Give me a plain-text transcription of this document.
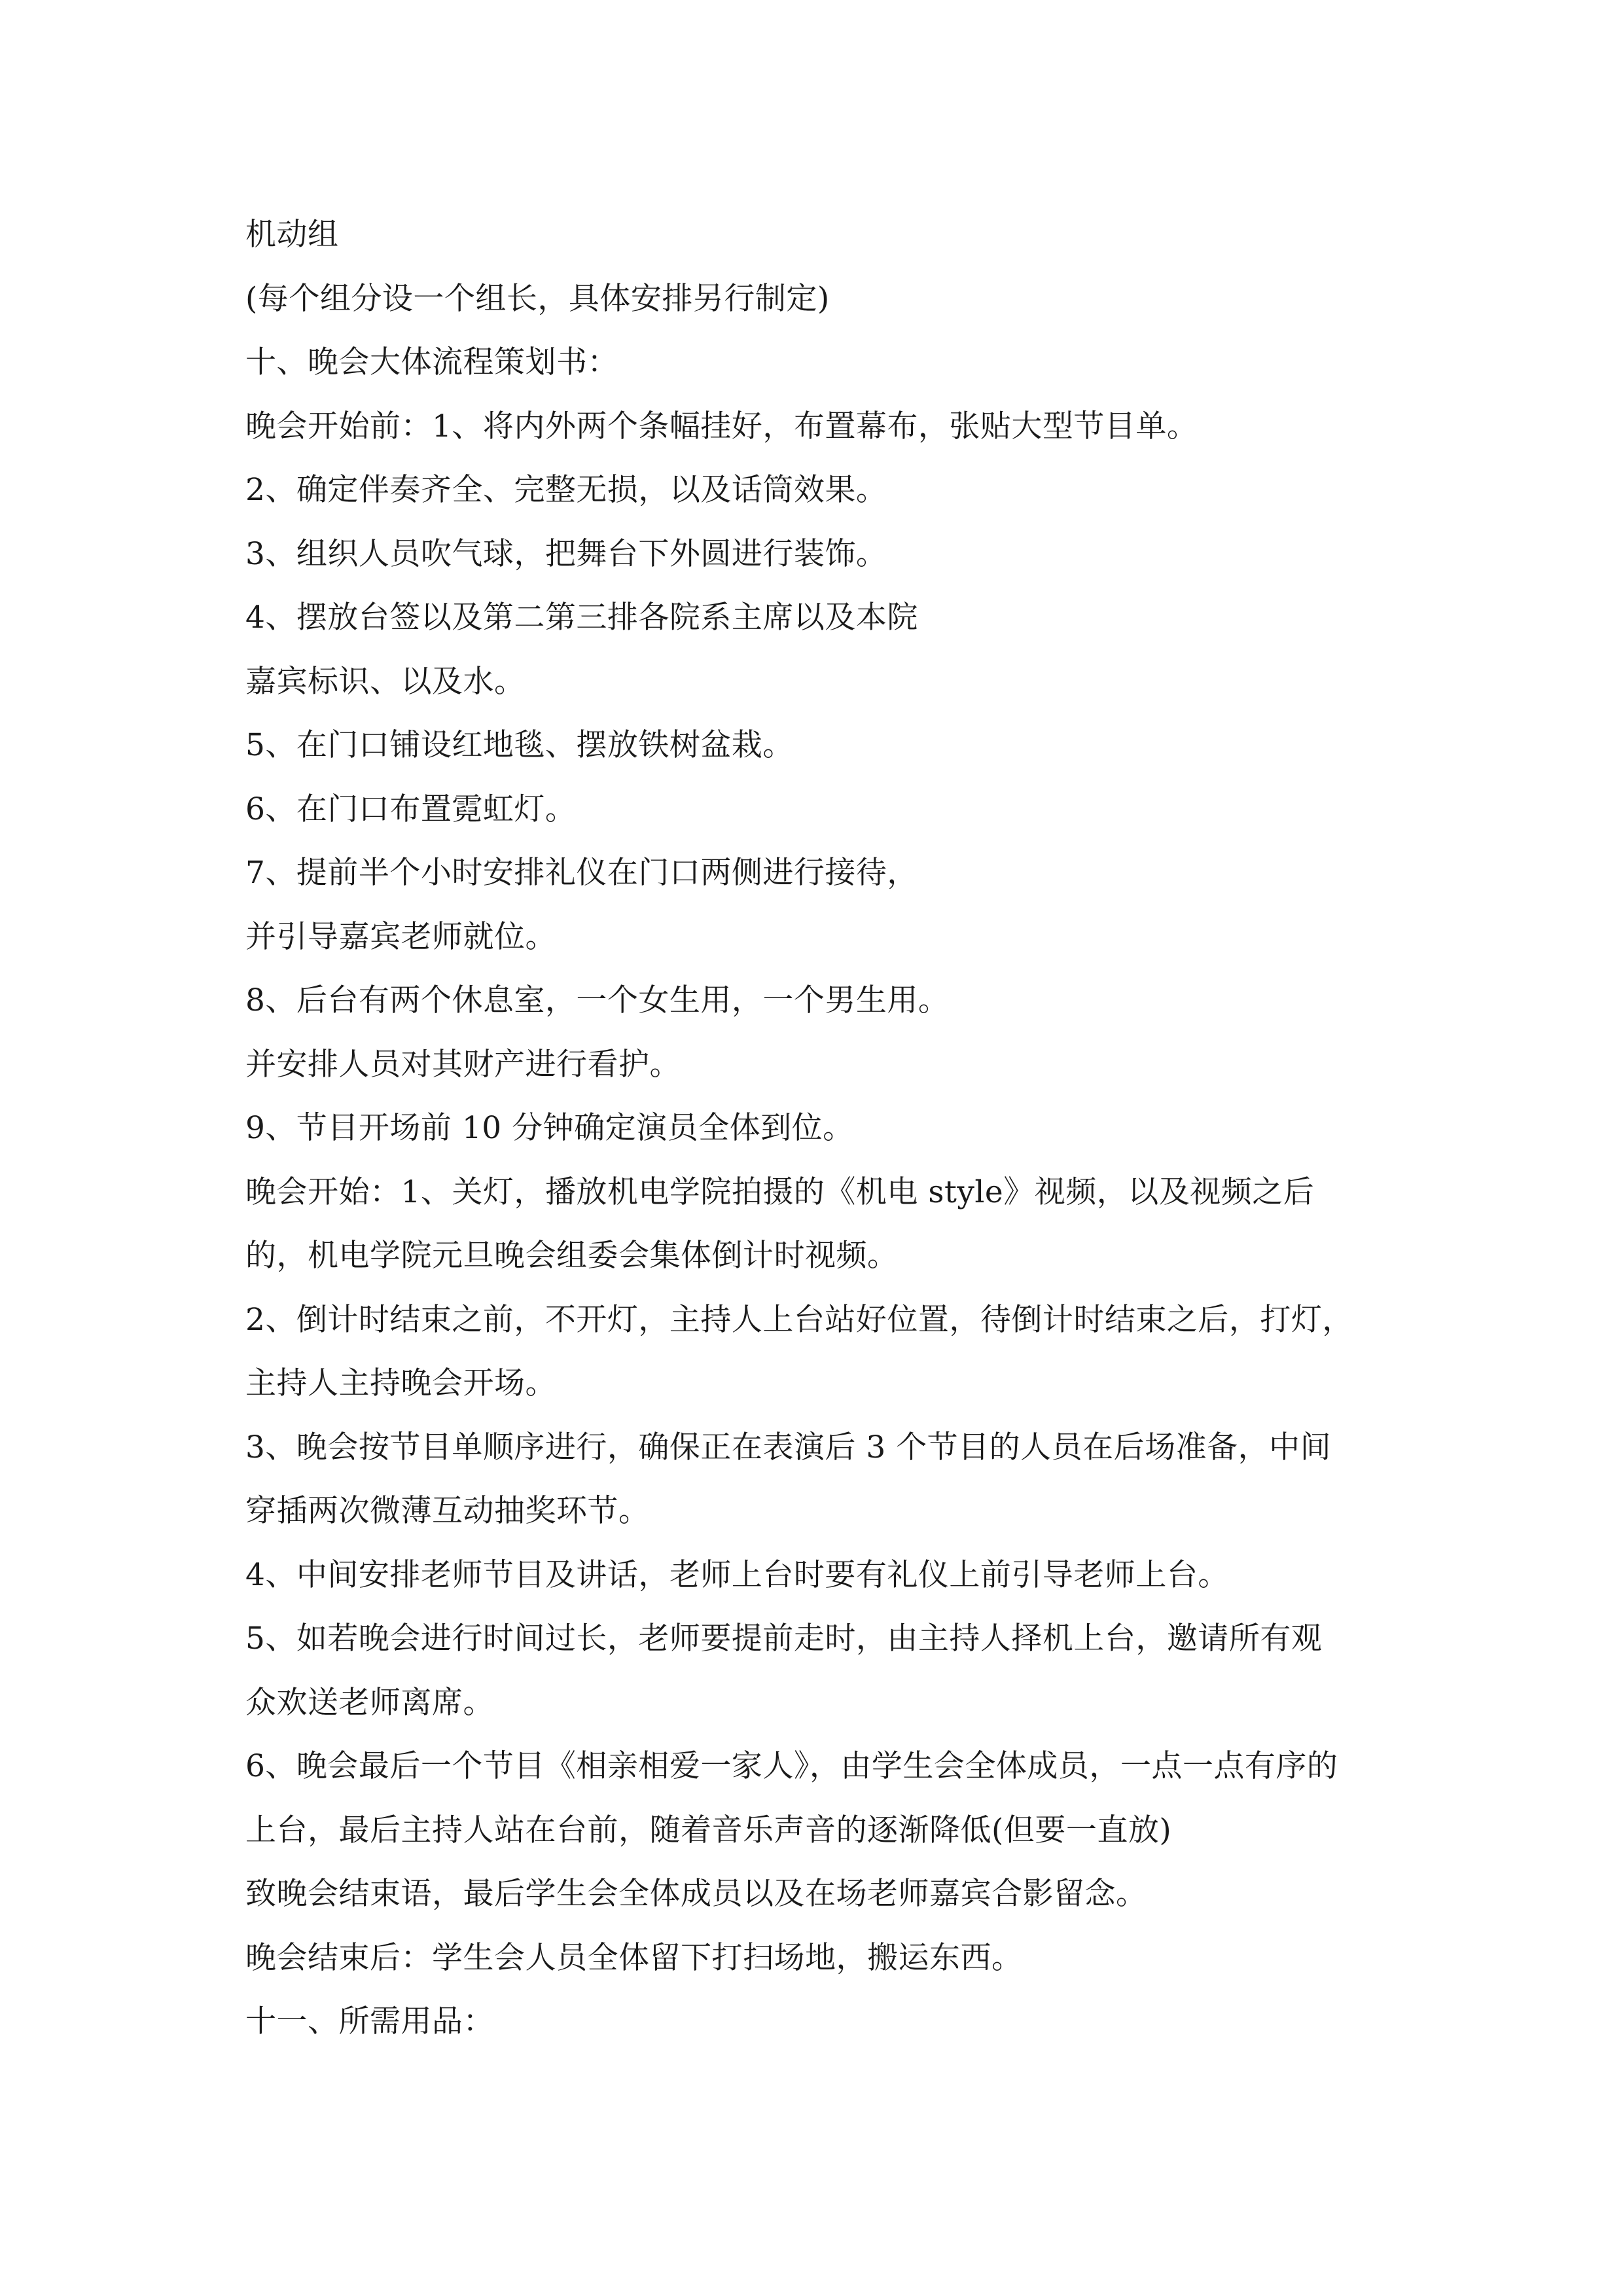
机动组
(每个组分设一个组长，具体安排另行制定)
十、晚会大体流程策划书：
晚会开始前：1、将内外两个条幅挂好，布置幕布，张贴大型节目单。
2、确定伴奏齐全、完整无损，以及话筒效果。
3、组织人员吹气球，把舞台下外圆进行装饰。
4、摆放台签以及第二第三排各院系主席以及本院
嘉宾标识、以及水。
5、在门口铺设红地毯、摆放铁树盆栽。
6、在门口布置霓虹灯。
7、提前半个小时安排礼仪在门口两侧进行接待，
并引导嘉宾老师就位。
8、后台有两个休息室，一个女生用，一个男生用。
并安排人员对其财产进行看护。
9、节目开场前 10 分钟确定演员全体到位。
晚会开始：1、关灯，播放机电学院拍摄的《机电 style》视频，以及视频之后
的，机电学院元旦晚会组委会集体倒计时视频。
2、倒计时结束之前，不开灯，主持人上台站好位置，待倒计时结束之后，打灯，
主持人主持晚会开场。
3、晚会按节目单顺序进行，确保正在表演后 3 个节目的人员在后场准备，中间
穿插两次微薄互动抽奖环节。
4、中间安排老师节目及讲话，老师上台时要有礼仪上前引导老师上台。
5、如若晚会进行时间过长，老师要提前走时，由主持人择机上台，邀请所有观
众欢送老师离席。
6、晚会最后一个节目《相亲相爱一家人》，由学生会全体成员，一点一点有序的
上台，最后主持人站在台前，随着音乐声音的逐渐降低(但要一直放)
致晚会结束语，最后学生会全体成员以及在场老师嘉宾合影留念。
晚会结束后：学生会人员全体留下打扫场地，搬运东西。
十一、所需用品：
